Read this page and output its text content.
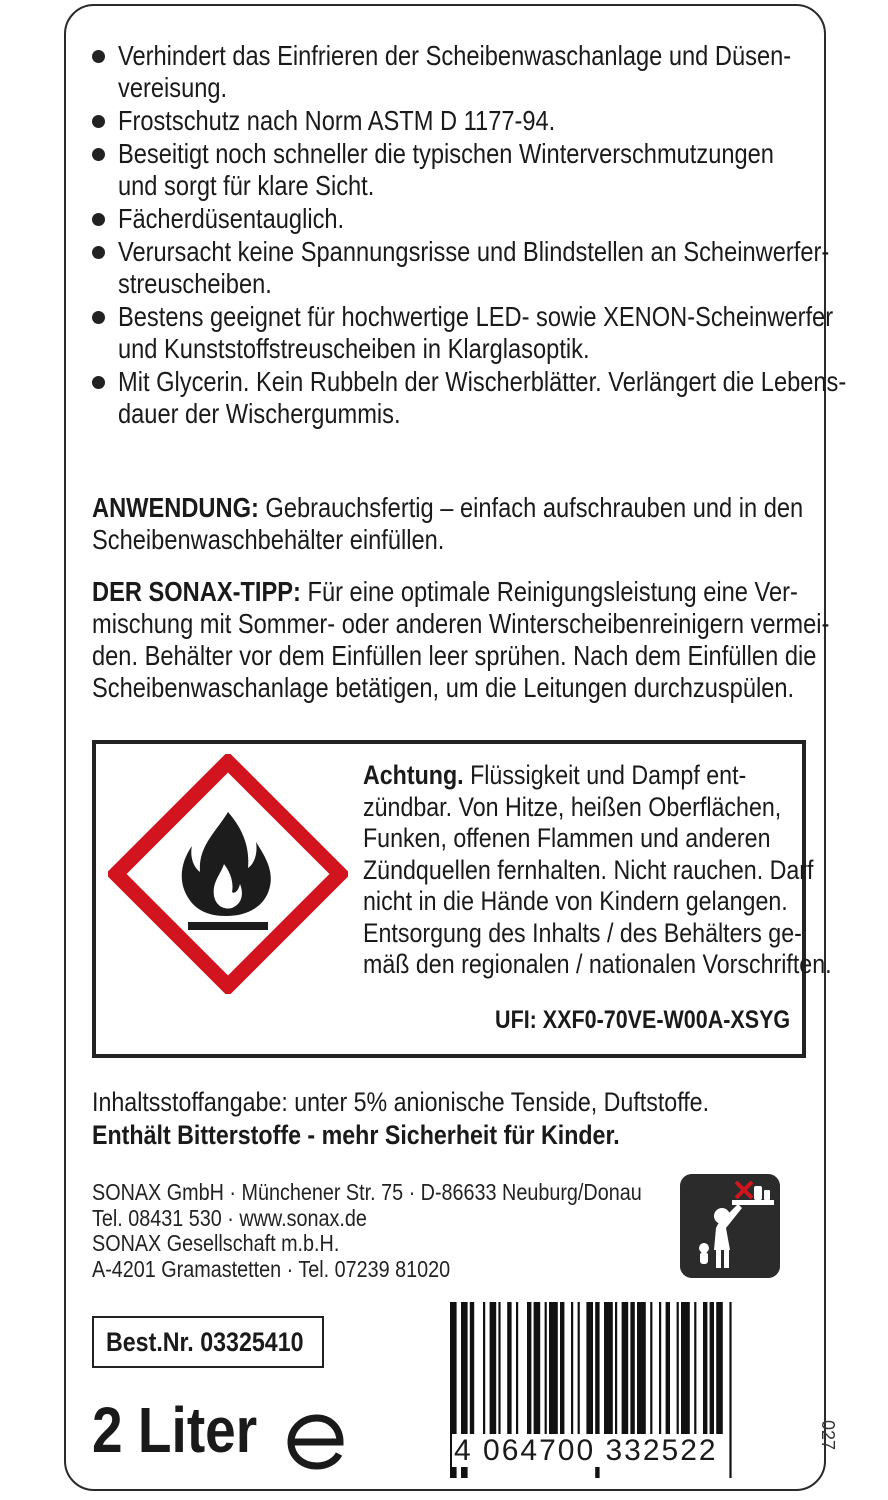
Verhindert das Einfrieren der Scheibenwaschanlage und Düsen-
vereisung.
Frostschutz nach Norm ASTM D 1177-94.
Beseitigt noch schneller die typischen Winterverschmutzungen
und sorgt für klare Sicht.
Fächerdüsentauglich.
Verursacht keine Spannungsrisse und Blindstellen an Scheinwerfer-
streuscheiben.
Bestens geeignet für hochwertige LED- sowie XENON-Scheinwerfer
und Kunststoffstreuscheiben in Klarglasoptik.
Mit Glycerin. Kein Rubbeln der Wischerblätter. Verlängert die Lebens-
dauer der Wischergummis.
ANWENDUNG: Gebrauchsfertig – einfach aufschrauben und in den
Scheibenwaschbehälter einfüllen.
DER SONAX-TIPP: Für eine optimale Reinigungsleistung eine Ver-
mischung mit Sommer- oder anderen Winterscheibenreinigern vermei-
den. Behälter vor dem Einfüllen leer sprühen. Nach dem Einfüllen die
Scheibenwaschanlage betätigen, um die Leitungen durchzuspülen.
Achtung. Flüssigkeit und Dampf ent-
zündbar. Von Hitze, heißen Oberflächen,
Funken, offenen Flammen und anderen
Zündquellen fernhalten. Nicht rauchen. Darf
nicht in die Hände von Kindern gelangen.
Entsorgung des Inhalts / des Behälters ge-
mäß den regionalen / nationalen Vorschriften.
UFI: XXF0-70VE-W00A-XSYG
Inhaltsstoffangabe: unter 5% anionische Tenside, Duftstoffe.
Enthält Bitterstoffe - mehr Sicherheit für Kinder.
SONAX GmbH · Münchener Str. 75 · D-86633 Neuburg/Donau
Tel. 08431 530 · www.sonax.de
SONAX Gesellschaft m.b.H.
A-4201 Gramastetten · Tel. 07239 81020
Best.Nr. 03325410
2 Liter	4 064700 332522	027
